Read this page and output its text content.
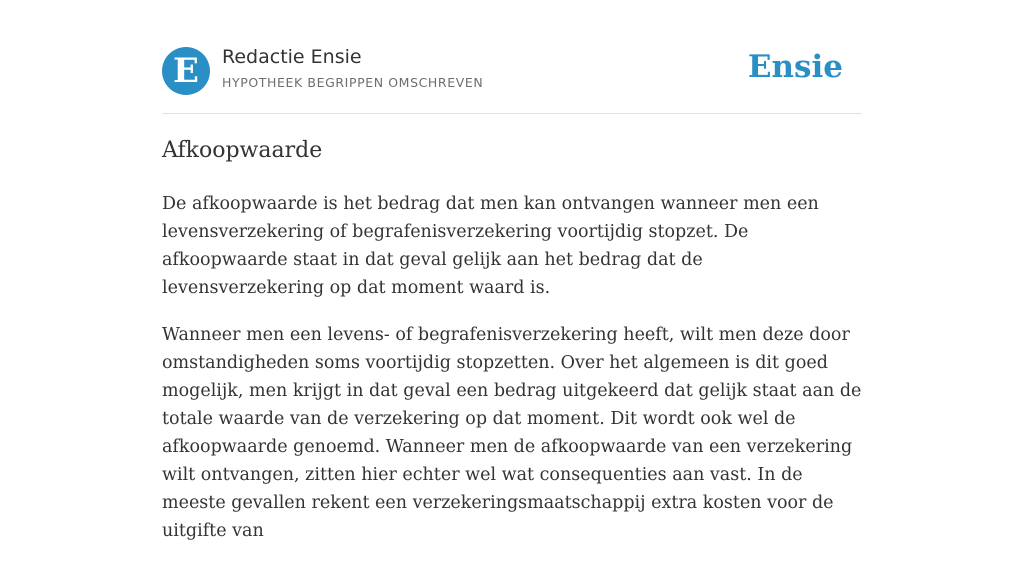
E	Redactie Ensie
HYPOTHEEK BEGRIPPEN OMSCHREVEN	Ensie
Afkoopwaarde

De afkoopwaarde is het bedrag dat men kan ontvangen wanneer men een levensverzekering of begrafenisverzekering voortijdig stopzet. De afkoopwaarde staat in dat geval gelijk aan het bedrag dat de levensverzekering op dat moment waard is.

Wanneer men een levens- of begrafenisverzekering heeft, wilt men deze door omstandigheden soms voortijdig stopzetten. Over het algemeen is dit goed mogelijk, men krijgt in dat geval een bedrag uitgekeerd dat gelijk staat aan de totale waarde van de verzekering op dat moment. Dit wordt ook wel de afkoopwaarde genoemd. Wanneer men de afkoopwaarde van een verzekering wilt ontvangen, zitten hier echter wel wat consequenties aan vast. In de meeste gevallen rekent een verzekeringsmaatschappij extra kosten voor de uitgifte van
